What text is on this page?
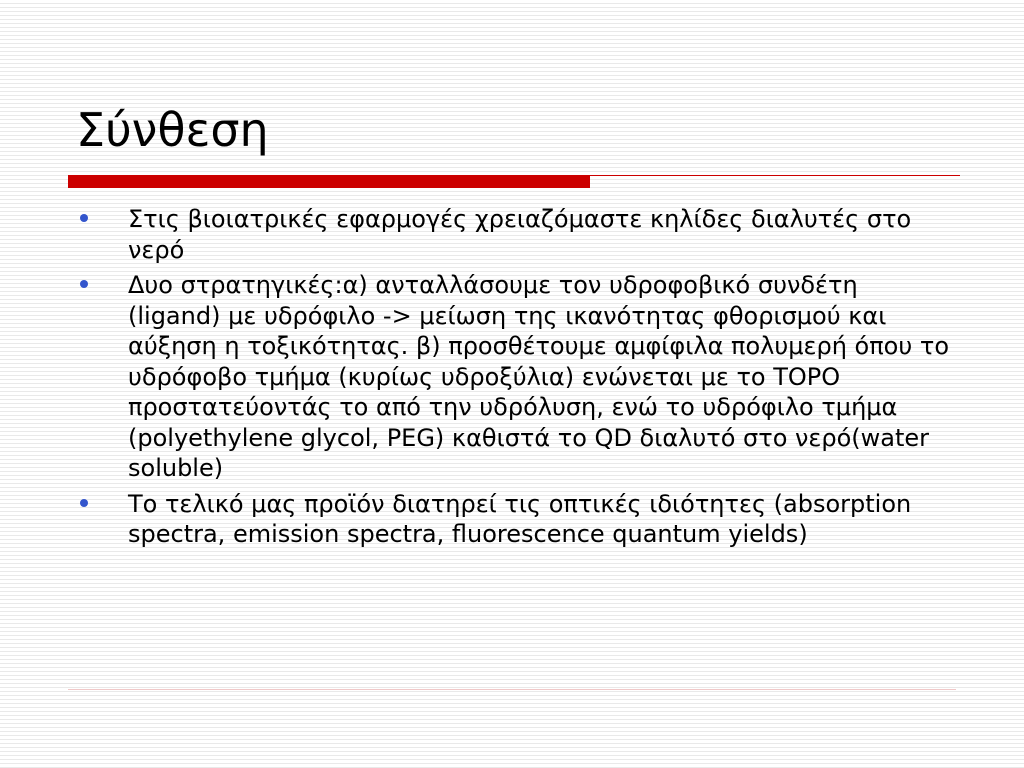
Σύνθεση
Στις βιοιατρικές εφαρμογές χρειαζόμαστε κηλίδες διαλυτές στο νερό
Δυο στρατηγικές:α) ανταλλάσουμε τον υδροφοβικό συνδέτη (ligand) με υδρόφιλο -> μείωση της ικανότητας φθορισμού και αύξηση η τοξικότητας. β) προσθέτουμε αμφίφιλα πολυμερή όπου το υδρόφοβο τμήμα (κυρίως υδροξύλια) ενώνεται με το TOPO προστατεύοντάς το από την υδρόλυση, ενώ το υδρόφιλο τμήμα (polyethylene glycol, PEG) καθιστά το QD διαλυτό στο νερό(water soluble)
Το τελικό μας προϊόν διατηρεί τις οπτικές ιδιότητες (absorption spectra, emission spectra, fluorescence quantum yields)
